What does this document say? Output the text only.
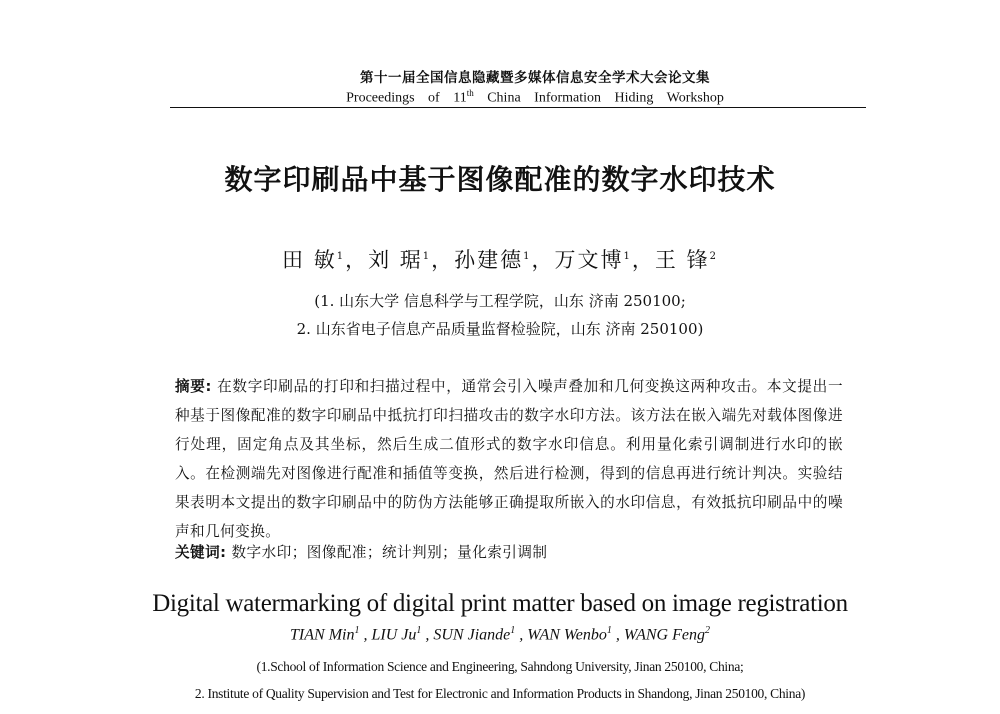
第十一届全国信息隐藏暨多媒体信息安全学术大会论文集
Proceedings of 11th China Information Hiding Workshop
数字印刷品中基于图像配准的数字水印技术
田 敏$^1$，刘 琚$^1$，孙建德$^1$，万文博$^1$，王 锋$^2$
(1. 山东大学 信息科学与工程学院，山东 济南 250100;
2. 山东省电子信息产品质量监督检验院，山东 济南 250100)
摘要: 在数字印刷品的打印和扫描过程中，通常会引入噪声叠加和几何变换这两种攻击。本文提出一种基于图像配准的数字印刷品中抵抗打印扫描攻击的数字水印方法。该方法在嵌入端先对载体图像进行处理，固定角点及其坐标，然后生成二值形式的数字水印信息。利用量化索引调制进行水印的嵌入。在检测端先对图像进行配准和插值等变换，然后进行检测，得到的信息再进行统计判决。实验结果表明本文提出的数字印刷品中的防伪方法能够正确提取所嵌入的水印信息，有效抵抗印刷品中的噪声和几何变换。
关键词: 数字水印；图像配准；统计判别；量化索引调制
Digital watermarking of digital print matter based on image registration
TIAN Min$^1$ , LIU Ju$^1$ , SUN Jiande$^1$ , WAN Wenbo$^1$ , WANG Feng$^2$
(1.School of Information Science and Engineering, Sahndong University, Jinan 250100, China;
2. Institute of Quality Supervision and Test for Electronic and Information Products in Shandong, Jinan 250100, China)
